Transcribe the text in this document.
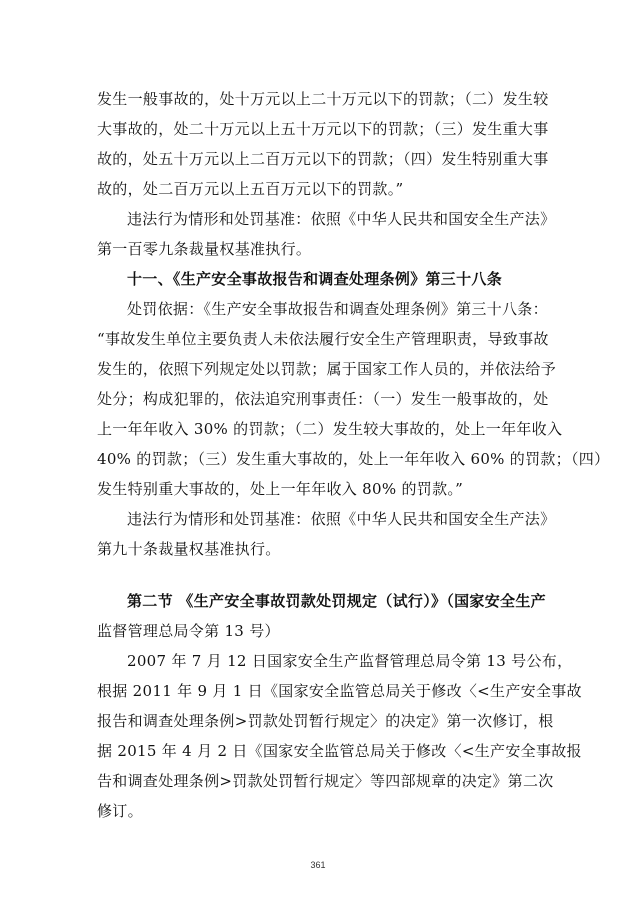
发生一般事故的，处十万元以上二十万元以下的罚款；（二）发生较
大事故的，处二十万元以上五十万元以下的罚款；（三）发生重大事
故的，处五十万元以上二百万元以下的罚款；（四）发生特别重大事
故的，处二百万元以上五百万元以下的罚款。”
违法行为情形和处罚基准：依照《中华人民共和国安全生产法》
第一百零九条裁量权基准执行。
十一、《生产安全事故报告和调查处理条例》第三十八条
处罚依据：《生产安全事故报告和调查处理条例》第三十八条：
“事故发生单位主要负责人未依法履行安全生产管理职责，导致事故
发生的，依照下列规定处以罚款；属于国家工作人员的，并依法给予
处分；构成犯罪的，依法追究刑事责任：（一）发生一般事故的，处
上一年年收入 30% 的罚款；（二）发生较大事故的，处上一年年收入
40% 的罚款；（三）发生重大事故的，处上一年年收入 60% 的罚款；（四）
发生特别重大事故的，处上一年年收入 80% 的罚款。”
违法行为情形和处罚基准：依照《中华人民共和国安全生产法》
第九十条裁量权基准执行。
第二节 《生产安全事故罚款处罚规定（试行）》（国家安全生产
监督管理总局令第 13 号）
2007 年 7 月 12 日国家安全生产监督管理总局令第 13 号公布，
根据 2011 年 9 月 1 日《国家安全监管总局关于修改〈<生产安全事故
报告和调查处理条例>罚款处罚暂行规定〉的决定》第一次修订，根
据 2015 年 4 月 2 日《国家安全监管总局关于修改〈<生产安全事故报
告和调查处理条例>罚款处罚暂行规定〉等四部规章的决定》第二次
修订。
361
